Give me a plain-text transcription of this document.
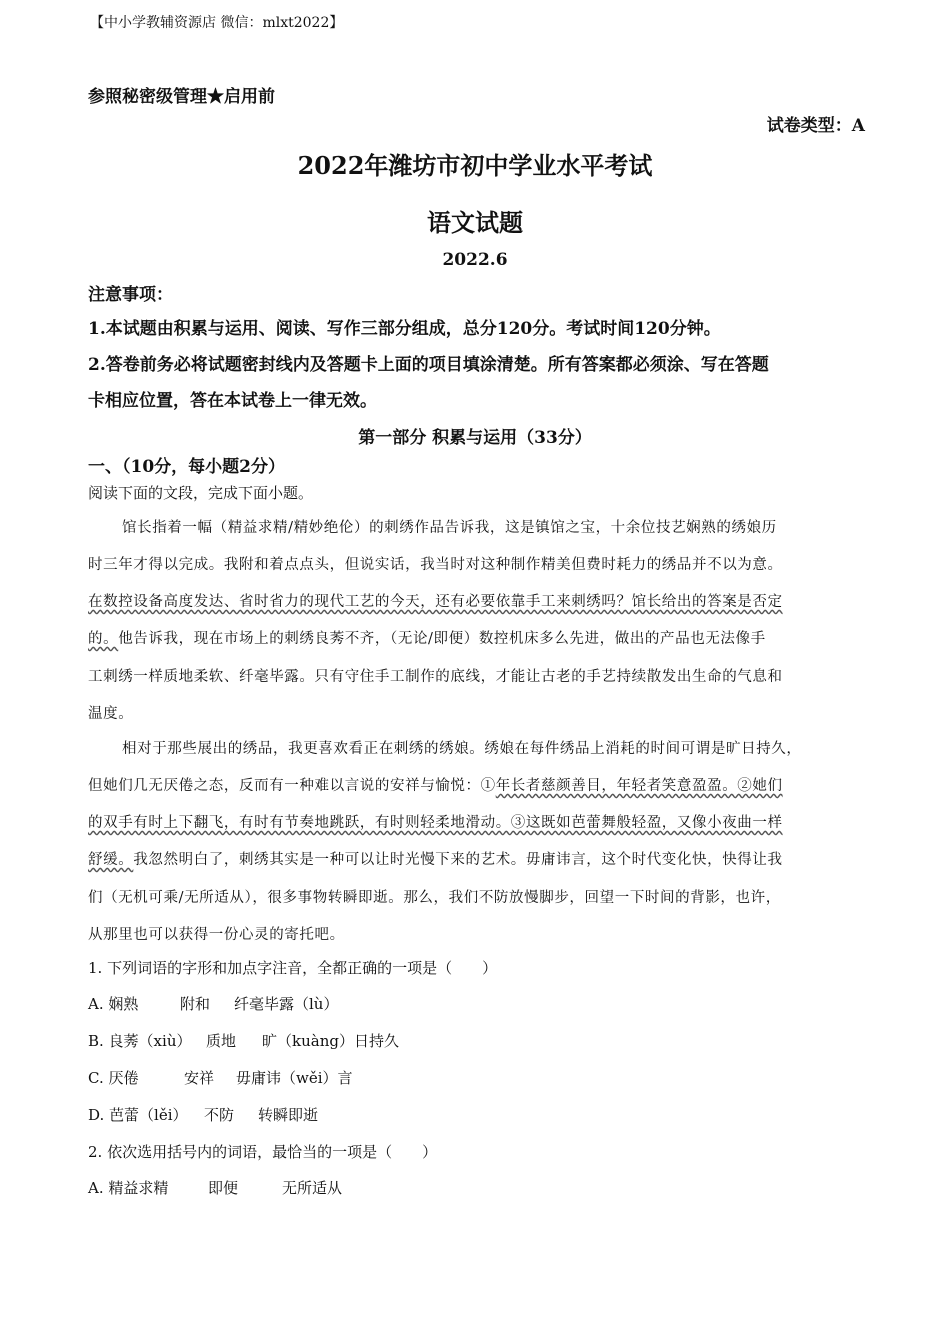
【中小学教辅资源店 微信：mlxt2022】
参照秘密级管理★启用前
试卷类型：A
2022年潍坊市初中学业水平考试
语文试题
2022.6
注意事项：
1.本试题由积累与运用、阅读、写作三部分组成，总分120分。考试时间120分钟。
2.答卷前务必将试题密封线内及答题卡上面的项目填涂清楚。所有答案都必须涂、写在答题
卡相应位置，答在本试卷上一律无效。
第一部分 积累与运用（33分）
一、（10分，每小题2分）
阅读下面的文段，完成下面小题。
馆长指着一幅（精益求精/精妙绝伦）的刺绣作品告诉我，这是镇馆之宝，十余位技艺娴熟的绣娘历
时三年才得以完成。我附和着点点头，但说实话，我当时对这种制作精美但费时耗力的绣品并不以为意。
在数控设备高度发达、省时省力的现代工艺的今天，还有必要依靠手工来刺绣吗？馆长给出的答案是否定
的。他告诉我，现在市场上的刺绣良莠不齐，（无论/即便）数控机床多么先进，做出的产品也无法像手
工刺绣一样质地柔软、纤毫毕露。只有守住手工制作的底线，才能让古老的手艺持续散发出生命的气息和
温度。
相对于那些展出的绣品，我更喜欢看正在刺绣的绣娘。绣娘在每件绣品上消耗的时间可谓是旷日持久，
但她们几无厌倦之态，反而有一种难以言说的安祥与愉悦：①年长者慈颜善目，年轻者笑意盈盈。②她们
的双手有时上下翻飞，有时有节奏地跳跃，有时则轻柔地滑动。③这既如芭蕾舞般轻盈，又像小夜曲一样
舒缓。我忽然明白了，刺绣其实是一种可以让时光慢下来的艺术。毋庸讳言，这个时代变化快，快得让我
们（无机可乘/无所适从），很多事物转瞬即逝。那么，我们不防放慢脚步，回望一下时间的背影，也许，
从那里也可以获得一份心灵的寄托吧。
1. 下列词语的字形和加点字注音，全都正确的一项是（　　）
A. 娴熟	附和 纤毫毕露（lù）
B. 良莠（xiù） 质地 旷（kuàng）日持久
C. 厌倦	安祥 毋庸讳（wěi）言
D. 芭蕾（lěi） 不防 转瞬即逝
2. 依次选用括号内的词语，最恰当的一项是（　　）
A. 精益求精	即便	无所适从
